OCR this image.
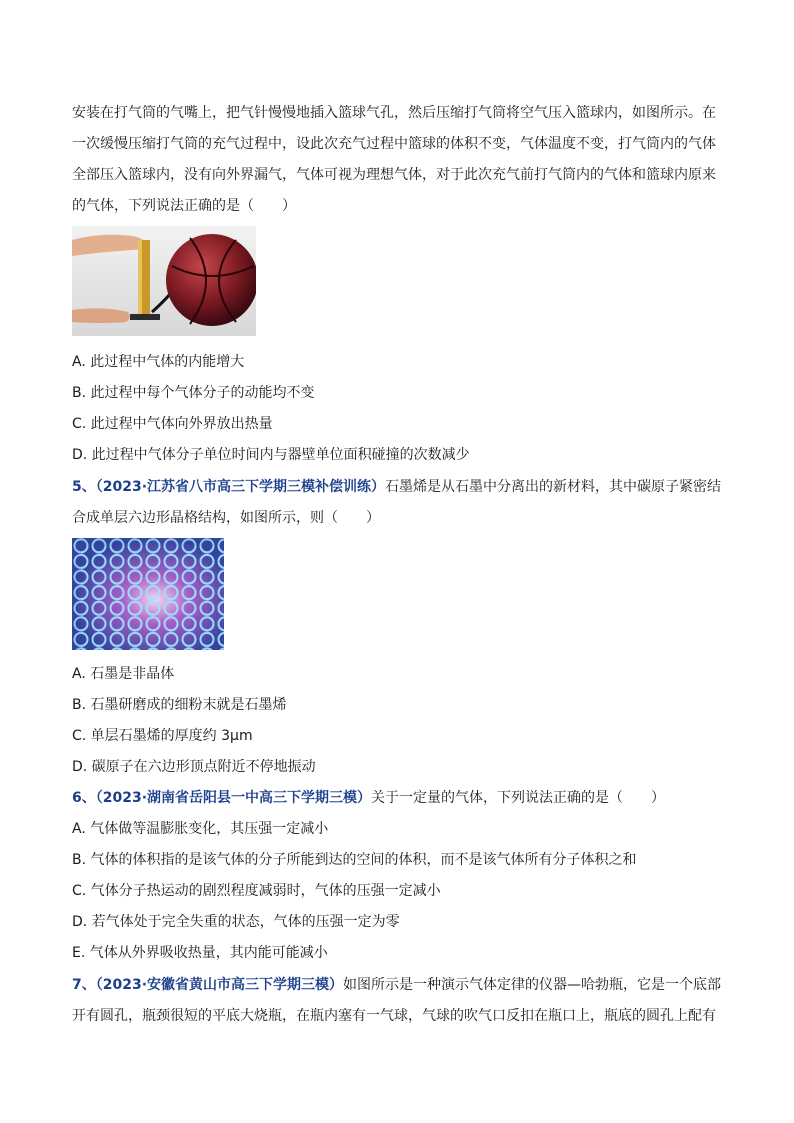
安装在打气筒的气嘴上，把气针慢慢地插入篮球气孔，然后压缩打气筒将空气压入篮球内，如图所示。在
一次缓慢压缩打气筒的充气过程中，设此次充气过程中篮球的体积不变，气体温度不变，打气筒内的气体
全部压入篮球内，没有向外界漏气，气体可视为理想气体，对于此次充气前打气筒内的气体和篮球内原来
的气体，下列说法正确的是（　　）
A. 此过程中气体的内能增大
B. 此过程中每个气体分子的动能均不变
C. 此过程中气体向外界放出热量
D. 此过程中气体分子单位时间内与器壁单位面积碰撞的次数减少
5、（2023·江苏省八市高三下学期三模补偿训练）石墨烯是从石墨中分离出的新材料，其中碳原子紧密结
合成单层六边形晶格结构，如图所示，则（　　）
A. 石墨是非晶体
B. 石墨研磨成的细粉末就是石墨烯
C. 单层石墨烯的厚度约 3μm
D. 碳原子在六边形顶点附近不停地振动
6、（2023·湖南省岳阳县一中高三下学期三模）关于一定量的气体，下列说法正确的是（　　）
A. 气体做等温膨胀变化，其压强一定减小
B. 气体的体积指的是该气体的分子所能到达的空间的体积，而不是该气体所有分子体积之和
C. 气体分子热运动的剧烈程度减弱时，气体的压强一定减小
D. 若气体处于完全失重的状态，气体的压强一定为零
E. 气体从外界吸收热量，其内能可能减小
7、（2023·安徽省黄山市高三下学期三模）如图所示是一种演示气体定律的仪器—哈勃瓶，它是一个底部
开有圆孔，瓶颈很短的平底大烧瓶，在瓶内塞有一气球，气球的吹气口反扣在瓶口上，瓶底的圆孔上配有
